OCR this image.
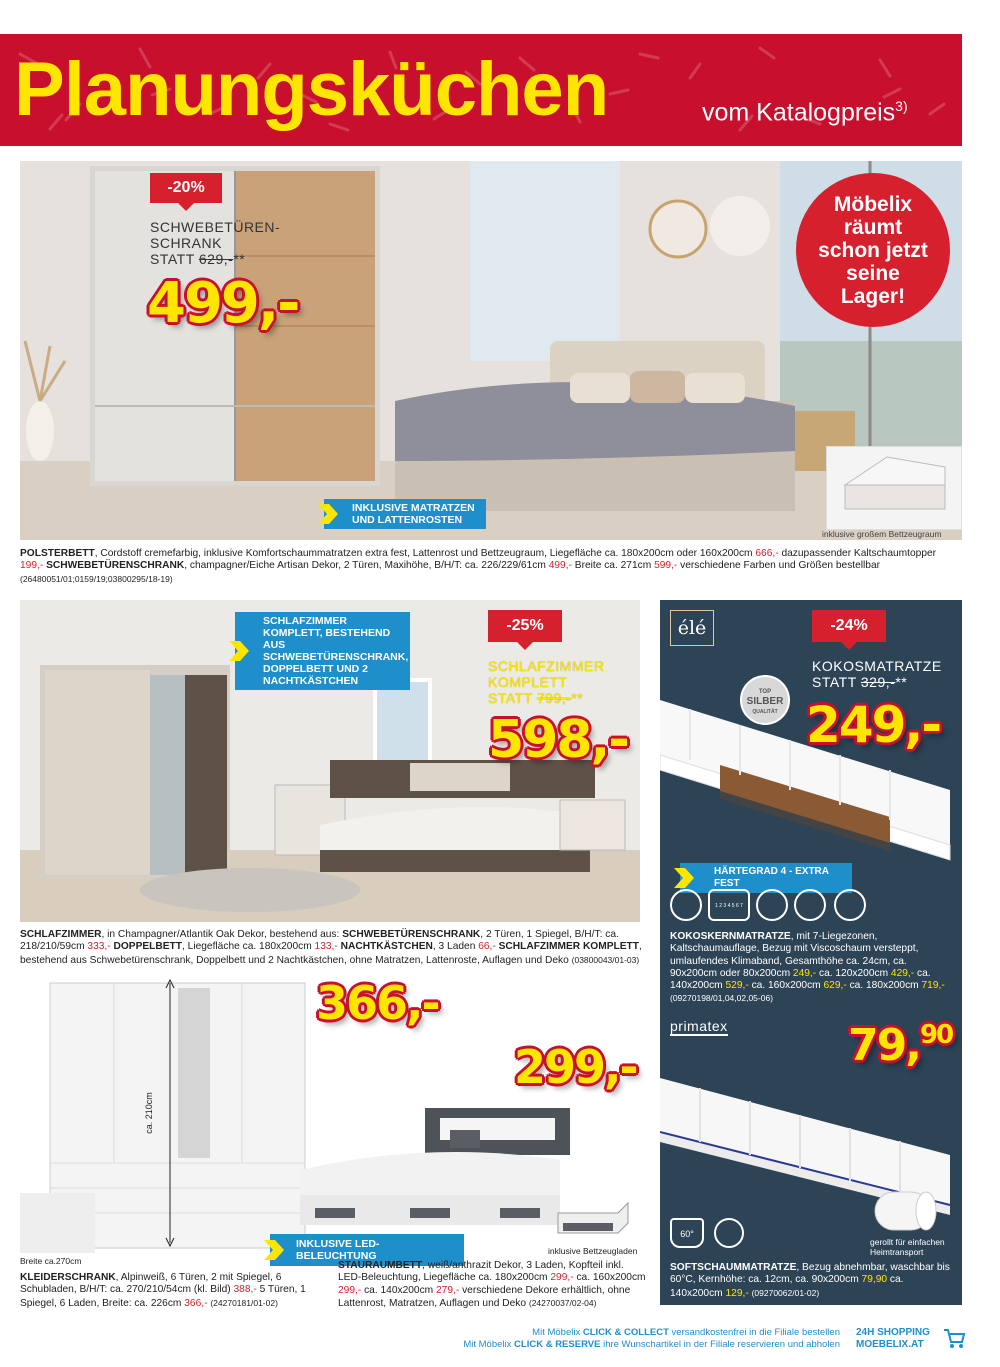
Planungsküchen	vom Katalogpreis$^{3)}$
-20%
SCHWEBETÜREN-
SCHRANK
STATT 629,-**
499,-
Möbelix räumt schon jetzt seine Lager!
INKLUSIVE MATRATZEN UND LATTENROSTEN
inklusive großem Bettzeugraum
POLSTERBETT, Cordstoff cremefarbig, inklusive Komfortschaummatratzen extra fest, Lattenrost und Bettzeugraum, Liegefläche ca. 180x200cm oder 160x200cm 666,- dazupassender Kaltschaumtopper 199,- SCHWEBETÜRENSCHRANK, champagner/Eiche Artisan Dekor, 2 Türen, Maxihöhe, B/H/T: ca. 226/229/61cm 499,- Breite ca. 271cm 599,- verschiedene Farben und Größen bestellbar (26480051/01;0159/19;03800295/18-19)
SCHLAFZIMMER KOMPLETT, BESTEHEND AUS SCHWEBETÜRENSCHRANK, DOPPELBETT UND 2 NACHTKÄSTCHEN
-25%
SCHLAFZIMMER
KOMPLETT
STATT 799,-**
598,-
SCHLAFZIMMER, in Champagner/Atlantik Oak Dekor, bestehend aus: SCHWEBETÜRENSCHRANK, 2 Türen, 1 Spiegel, B/H/T: ca. 218/210/59cm 333,- DOPPELBETT, Liegefläche ca. 180x200cm 133,- NACHTKÄSTCHEN, 3 Laden 66,- SCHLAFZIMMER KOMPLETT, bestehend aus Schwebetürenschrank, Doppelbett und 2 Nachtkästchen, ohne Matratzen, Lattenroste, Auflagen und Deko (03800043/01-03)
élé	-24%
KOKOSMATRATZE
STATT 329,-**
TOP
SILBER
QUALITÄT 249,-
HÄRTEGRAD 4 - EXTRA FEST
1 2 3 4 5 6 7
KOKOSKERNMATRATZE, mit 7-Liegezonen, Kaltschaumauflage, Bezug mit Viscoschaum versteppt, umlaufendes Klimaband, Gesamthöhe ca. 24cm, ca. 90x200cm oder 80x200cm 249,- ca. 120x200cm 429,- ca. 140x200cm 529,- ca. 160x200cm 629,- ca. 180x200cm 719,- (09270198/01,04,02,05-06)
primatex	79,90
gerollt für einfachen Heimtransport
60°
SOFTSCHAUMMATRATZE, Bezug abnehmbar, waschbar bis 60°C, Kernhöhe: ca. 12cm, ca. 90x200cm 79,90 ca. 140x200cm 129,- (09270062/01-02)
ca. 210cm
Breite ca.270cm
366,-
KLEIDERSCHRANK, Alpinweiß, 6 Türen, 2 mit Spiegel, 6 Schubladen, B/H/T: ca. 270/210/54cm (kl. Bild) 388,- 5 Türen, 1 Spiegel, 6 Laden, Breite: ca. 226cm 366,- (24270181/01-02)
299,-
inklusive Bettzeugladen
INKLUSIVE LED-BELEUCHTUNG
STAURAUMBETT, weiß/anthrazit Dekor, 3 Laden, Kopfteil inkl. LED-Beleuchtung, Liegefläche ca. 180x200cm 299,- ca. 160x200cm 299,- ca. 140x200cm 279,- verschiedene Dekore erhältlich, ohne Lattenrost, Matratzen, Auflagen und Deko (24270037/02-04)
Mit Möbelix CLICK & COLLECT versandkostenfrei in die Filiale bestellen
Mit Möbelix CLICK & RESERVE ihre Wunschartikel in der Filiale reservieren und abholen
24H SHOPPING
MOEBELIX.AT
